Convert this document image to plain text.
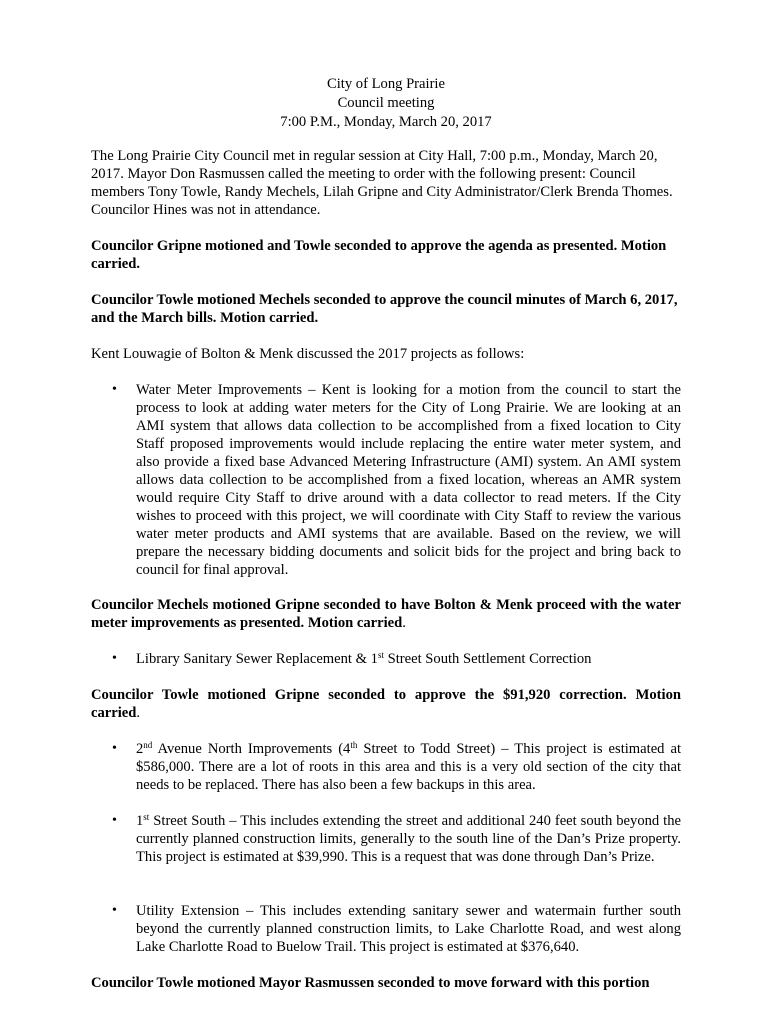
City of Long Prairie
Council meeting
7:00 P.M., Monday, March 20, 2017

The Long Prairie City Council met in regular session at City Hall, 7:00 p.m., Monday, March 20, 2017. Mayor Don Rasmussen called the meeting to order with the following present: Council members Tony Towle, Randy Mechels, Lilah Gripne and City Administrator/Clerk Brenda Thomes. Councilor Hines was not in attendance.

Councilor Gripne motioned and Towle seconded to approve the agenda as presented. Motion carried.

Councilor Towle motioned Mechels seconded to approve the council minutes of March 6, 2017, and the March bills. Motion carried.

Kent Louwagie of Bolton & Menk discussed the 2017 projects as follows:

• Water Meter Improvements – Kent is looking for a motion from the council to start the process to look at adding water meters for the City of Long Prairie. We are looking at an AMI system that allows data collection to be accomplished from a fixed location to City Staff proposed improvements would include replacing the entire water meter system, and also provide a fixed base Advanced Metering Infrastructure (AMI) system. An AMI system allows data collection to be accomplished from a fixed location, whereas an AMR system would require City Staff to drive around with a data collector to read meters. If the City wishes to proceed with this project, we will coordinate with City Staff to review the various water meter products and AMI systems that are available. Based on the review, we will prepare the necessary bidding documents and solicit bids for the project and bring back to council for final approval.

Councilor Mechels motioned Gripne seconded to have Bolton & Menk proceed with the water meter improvements as presented. Motion carried.

• Library Sanitary Sewer Replacement & 1st Street South Settlement Correction

Councilor Towle motioned Gripne seconded to approve the $91,920 correction. Motion carried.

• 2nd Avenue North Improvements (4th Street to Todd Street) – This project is estimated at $586,000. There are a lot of roots in this area and this is a very old section of the city that needs to be replaced. There has also been a few backups in this area.

• 1st Street South – This includes extending the street and additional 240 feet south beyond the currently planned construction limits, generally to the south line of the Dan’s Prize property. This project is estimated at $39,990. This is a request that was done through Dan’s Prize.

• Utility Extension – This includes extending sanitary sewer and watermain further south beyond the currently planned construction limits, to Lake Charlotte Road, and west along Lake Charlotte Road to Buelow Trail. This project is estimated at $376,640.

Councilor Towle motioned Mayor Rasmussen seconded to move forward with this portion
